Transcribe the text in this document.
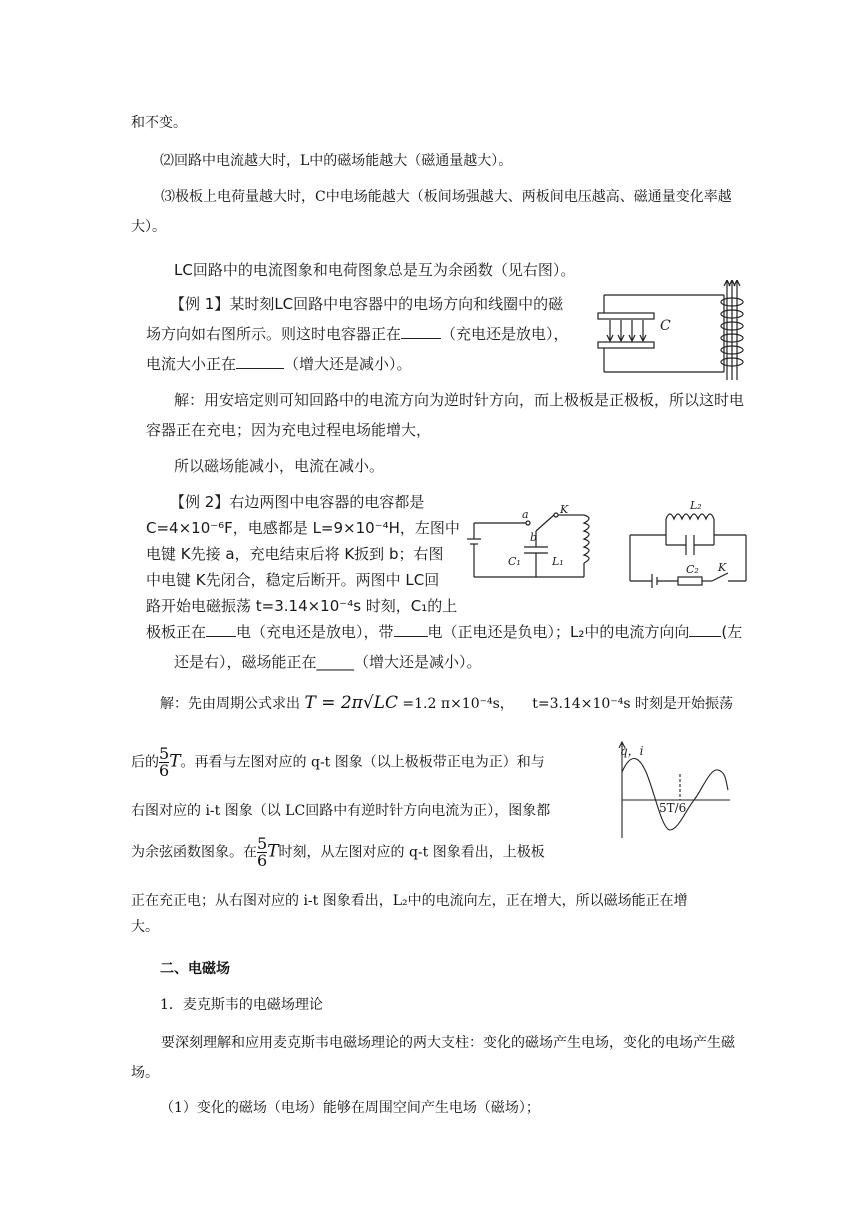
和不变。
⑵回路中电流越大时，L中的磁场能越大（磁通量越大）。
⑶极板上电荷量越大时，C中电场能越大（板间场强越大、两板间电压越高、磁通量变化率越大）。
LC回路中的电流图象和电荷图象总是互为余函数（见右图）。
【例 1】某时刻LC回路中电容器中的电场方向和线圈中的磁
场方向如右图所示。则这时电容器正在	（充电还是放电），
电流大小正在	（增大还是减小）。
C
解：用安培定则可知回路中的电流方向为逆时针方向，而上极板是正极板，所以这时电
容器正在充电；因为充电过程电场能增大，
所以磁场能减小，电流在减小。
【例 2】右边两图中电容器的电容都是
C=4×10⁻⁶F，电感都是 L=9×10⁻⁴H，左图中
电键 K先接 a，充电结束后将 K扳到 b；右图
中电键 K先闭合，稳定后断开。两图中 LC回
路开始电磁振荡 t=3.14×10⁻⁴s 时刻，C₁的上
极板正在 电（充电还是放电），带 电（正电还是负电）；L₂中的电流方向向 (左
还是右），磁场能正在_____（增大还是减小）。
a	K
b
C₁	L₁
L₂
C₂ K
解：先由周期公式求出 T = 2π√LC =1.2 π×10⁻⁴s， t=3.14×10⁻⁴s 时刻是开始振荡
后的 $\frac{5}{6}$ T。再看与左图对应的 q-t 图象（以上极板带正电为正）和与
右图对应的 i-t 图象（以 LC回路中有逆时针方向电流为正），图象都
为余弦函数图象。在 $\frac{5}{6}$ T时刻，从左图对应的 q-t 图象看出，上极板
正在充正电；从右图对应的 i-t 图象看出，L₂中的电流向左，正在增大，所以磁场能正在增
大。
q，i
5T/6
二、电磁场
1．麦克斯韦的电磁场理论
要深刻理解和应用麦克斯韦电磁场理论的两大支柱：变化的磁场产生电场，变化的电场产生磁场。
（1）变化的磁场（电场）能够在周围空间产生电场（磁场）；
